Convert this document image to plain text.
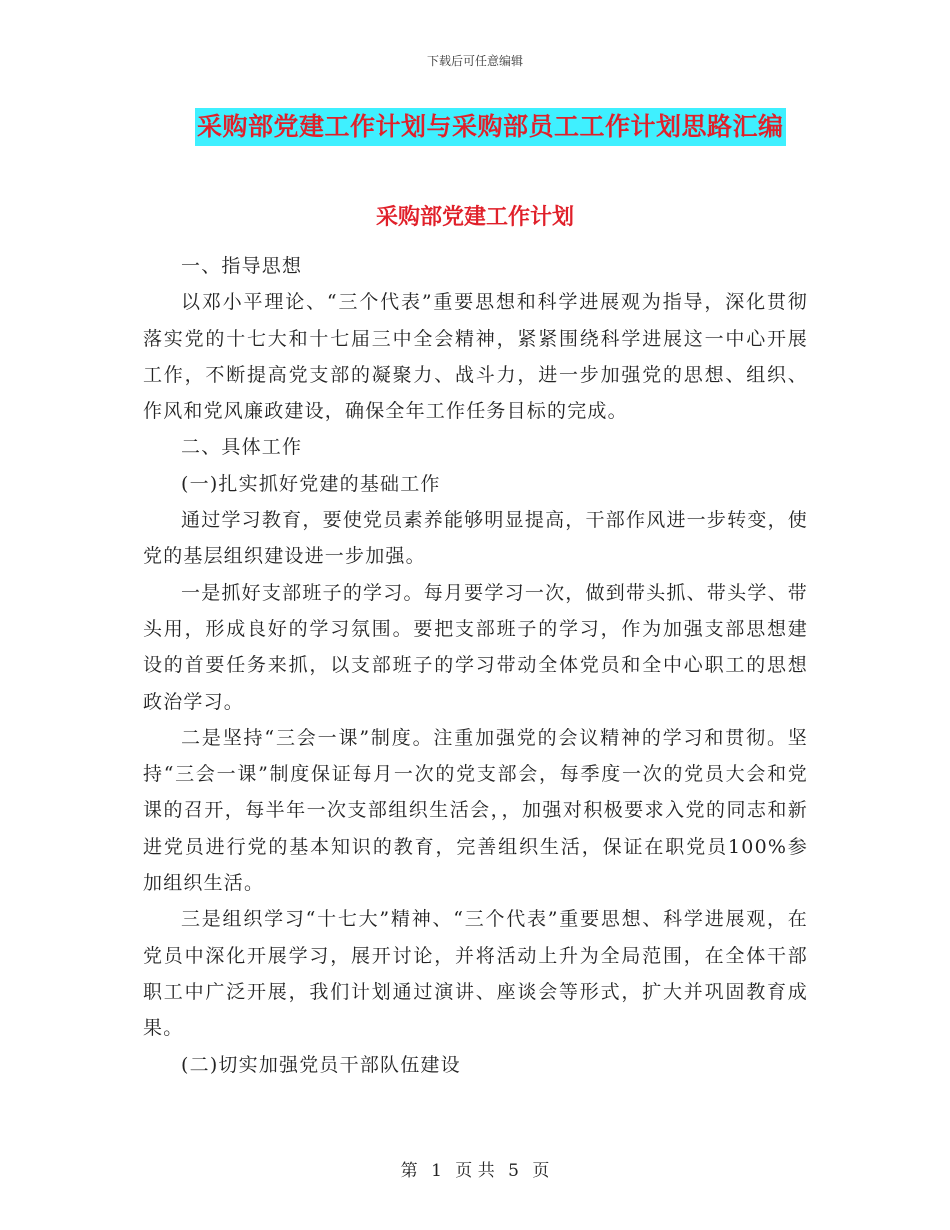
下载后可任意编辑
采购部党建工作计划与采购部员工工作计划思路汇编
采购部党建工作计划

一、指导思想

以邓小平理论、“三个代表”重要思想和科学进展观为指导，深化贯彻落实党的十七大和十七届三中全会精神，紧紧围绕科学进展这一中心开展工作，不断提高党支部的凝聚力、战斗力，进一步加强党的思想、组织、作风和党风廉政建设，确保全年工作任务目标的完成。

二、具体工作

(一)扎实抓好党建的基础工作

通过学习教育，要使党员素养能够明显提高，干部作风进一步转变，使党的基层组织建设进一步加强。

一是抓好支部班子的学习。每月要学习一次，做到带头抓、带头学、带头用，形成良好的学习氛围。要把支部班子的学习，作为加强支部思想建设的首要任务来抓，以支部班子的学习带动全体党员和全中心职工的思想政治学习。

二是坚持“三会一课”制度。注重加强党的会议精神的学习和贯彻。坚持“三会一课”制度保证每月一次的党支部会，每季度一次的党员大会和党课的召开，每半年一次支部组织生活会，，加强对积极要求入党的同志和新进党员进行党的基本知识的教育，完善组织生活，保证在职党员100%参加组织生活。

三是组织学习“十七大”精神、“三个代表”重要思想、科学进展观，在党员中深化开展学习，展开讨论，并将活动上升为全局范围，在全体干部职工中广泛开展，我们计划通过演讲、座谈会等形式，扩大并巩固教育成果。

(二)切实加强党员干部队伍建设

第 1 页 共 5 页
